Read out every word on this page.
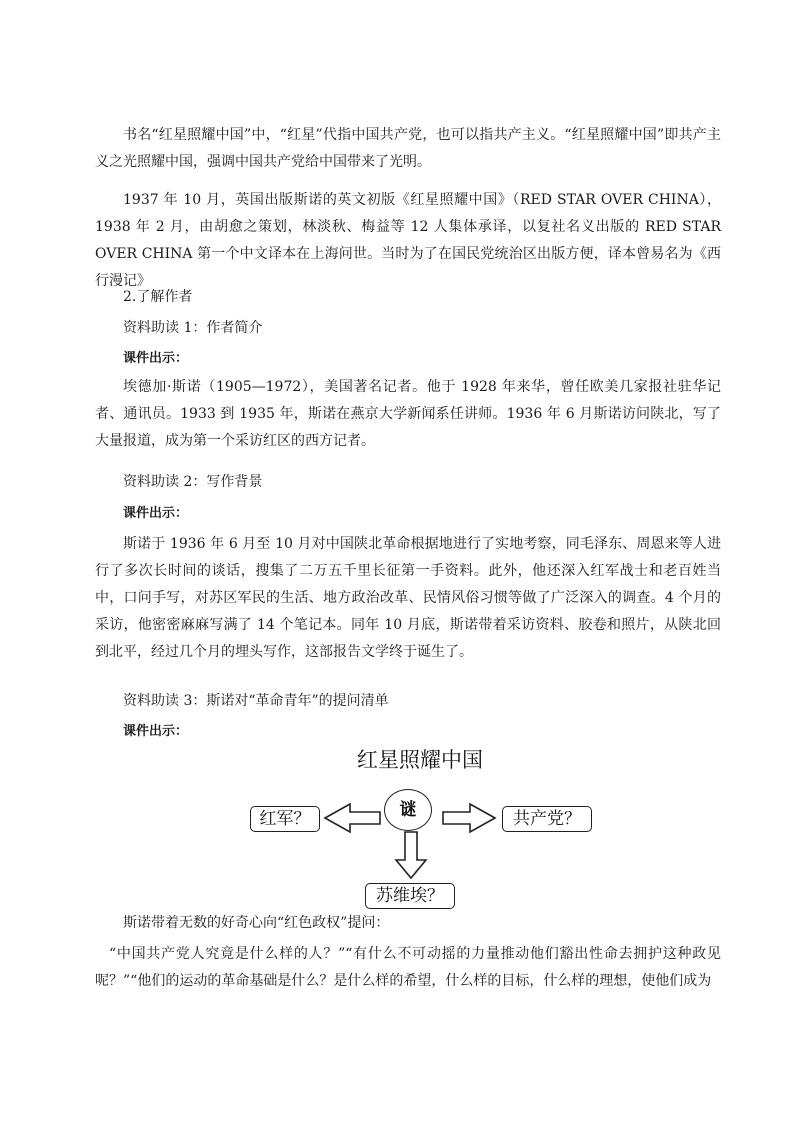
书名“红星照耀中国”中，“红星”代指中国共产党，也可以指共产主义。“红星照耀中国”即共产主义之光照耀中国，强调中国共产党给中国带来了光明。

1937 年 10 月，英国出版斯诺的英文初版《红星照耀中国》（RED STAR OVER CHINA），1938 年 2 月，由胡愈之策划，林淡秋、梅益等 12 人集体承译，以复社名义出版的 RED STAR OVER CHINA 第一个中文译本在上海问世。当时为了在国民党统治区出版方便，译本曾易名为《西行漫记》

2.了解作者

资料助读 1：作者简介

课件出示：

埃德加·斯诺（1905—1972），美国著名记者。他于 1928 年来华，曾任欧美几家报社驻华记者、通讯员。1933 到 1935 年，斯诺在燕京大学新闻系任讲师。1936 年 6 月斯诺访问陕北，写了大量报道，成为第一个采访红区的西方记者。

资料助读 2：写作背景

课件出示：

斯诺于 1936 年 6 月至 10 月对中国陕北革命根据地进行了实地考察，同毛泽东、周恩来等人进行了多次长时间的谈话，搜集了二万五千里长征第一手资料。此外，他还深入红军战士和老百姓当中，口问手写，对苏区军民的生活、地方政治改革、民情风俗习惯等做了广泛深入的调查。4 个月的采访，他密密麻麻写满了 14 个笔记本。同年 10 月底，斯诺带着采访资料、胶卷和照片，从陕北回到北平，经过几个月的埋头写作，这部报告文学终于诞生了。

资料助读 3：斯诺对“革命青年”的提问清单

课件出示：

红星照耀中国
谜
红军？	共产党？
苏维埃？

斯诺带着无数的好奇心向“红色政权”提问：

“中国共产党人究竟是什么样的人？”“有什么不可动摇的力量推动他们豁出性命去拥护这种政见呢？”“他们的运动的革命基础是什么？是什么样的希望，什么样的目标，什么样的理想，使他们成为
